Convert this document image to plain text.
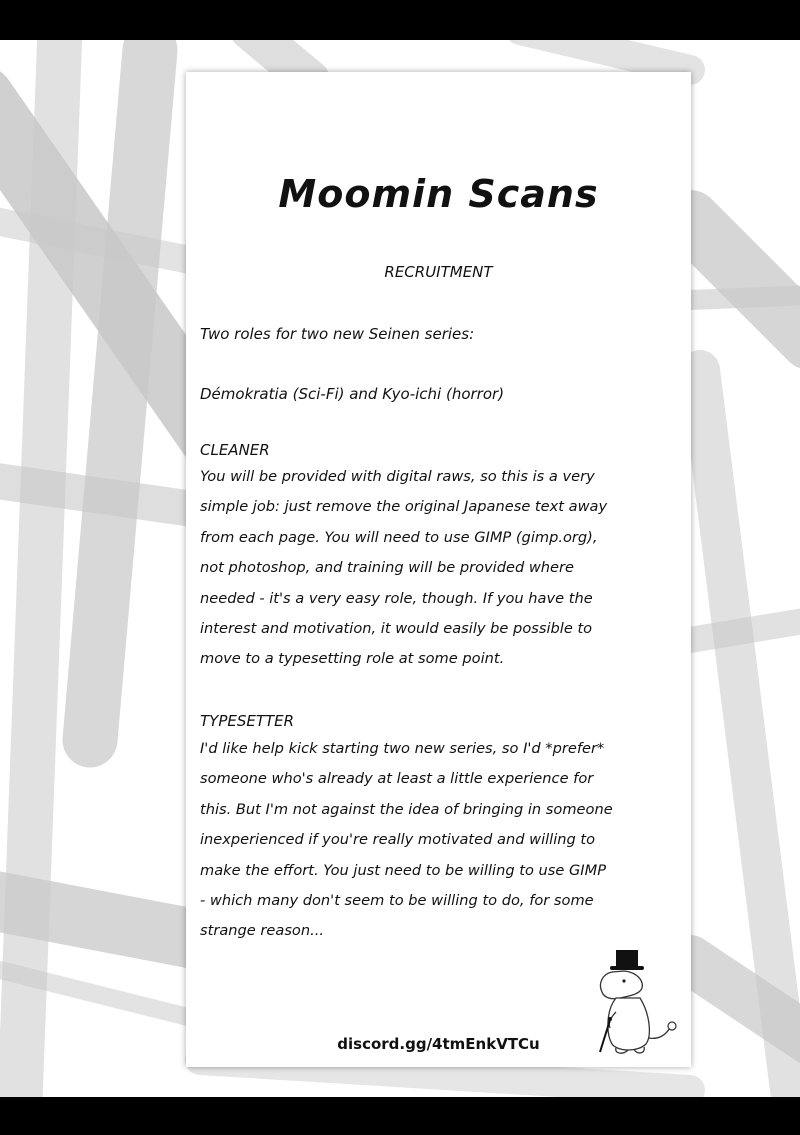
Moomin Scans
RECRUITMENT
Two roles for two new Seinen series:
Démokratia (Sci-Fi) and Kyo-ichi (horror)
CLEANER
You will be provided with digital raws, so this is a very
simple job: just remove the original Japanese text away
from each page. You will need to use GIMP (gimp.org),
not photoshop, and training will be provided where
needed - it's a very easy role, though. If you have the
interest and motivation, it would easily be possible to
move to a typesetting role at some point.
TYPESETTER
I'd like help kick starting two new series, so I'd *prefer*
someone who's already at least a little experience for
this. But I'm not against the idea of bringing in someone
inexperienced if you're really motivated and willing to
make the effort. You just need to be willing to use GIMP
- which many don't seem to be willing to do, for some
strange reason...
discord.gg/4tmEnkVTCu
